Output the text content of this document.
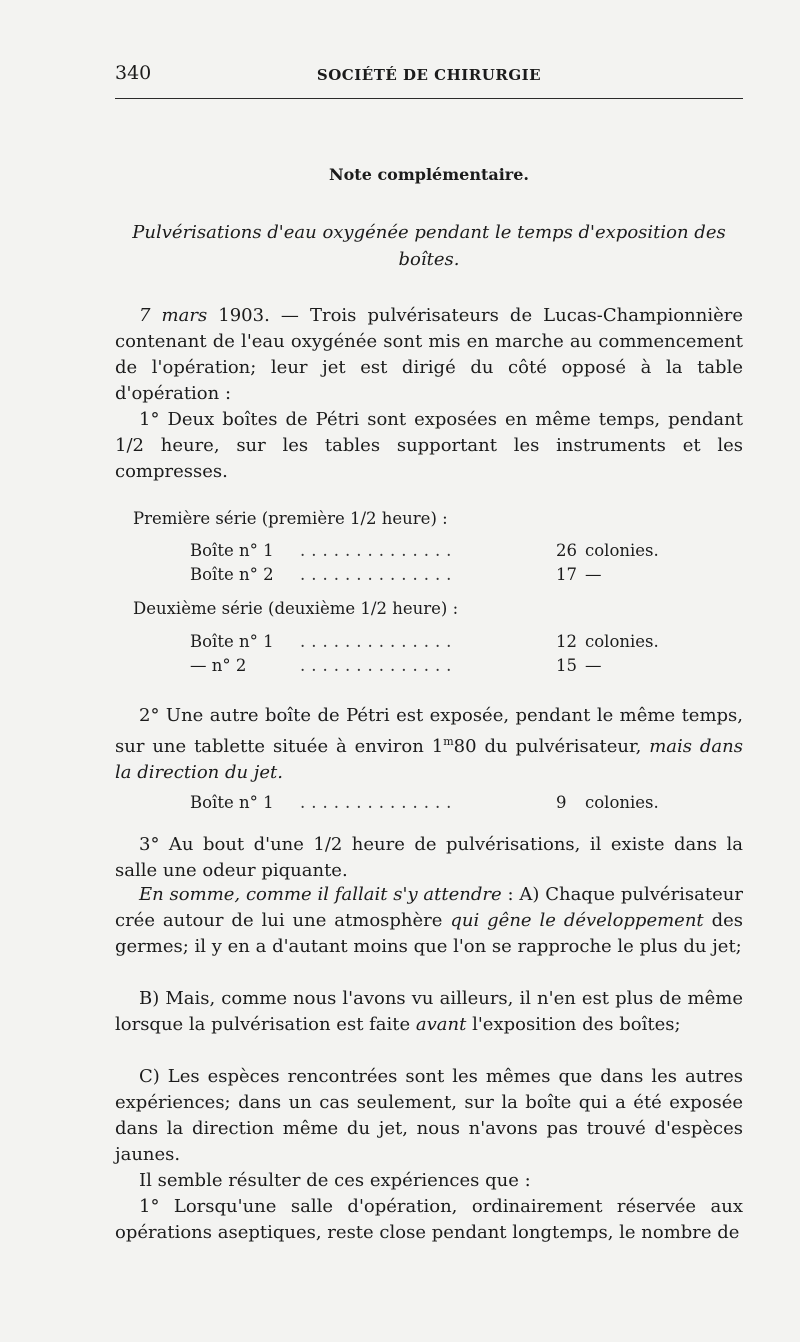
340	SOCIÉTÉ DE CHIRURGIE
Note complémentaire.
Pulvérisations d'eau oxygénée pendant le temps d'exposition des boîtes.

7 mars 1903. — Trois pulvérisateurs de Lucas-Championnière contenant de l'eau oxygénée sont mis en marche au commencement de l'opération; leur jet est dirigé du côté opposé à la table d'opération :

1° Deux boîtes de Pétri sont exposées en même temps, pendant 1/2 heure, sur les tables supportant les instruments et les compresses.

Première série (première 1/2 heure) :
Boîte n° 1 ..............	26 colonies.
Boîte n° 2 ..............	17 —
Deuxième série (deuxième 1/2 heure) :
Boîte n° 1 ..............	12 colonies.
— n° 2	..............	15 —

2° Une autre boîte de Pétri est exposée, pendant le même temps, sur une tablette située à environ 1$^m$80 du pulvérisateur, mais dans la direction du jet.

Boîte n° 1 ..............	9 colonies.

3° Au bout d'une 1/2 heure de pulvérisations, il existe dans la salle une odeur piquante.

En somme, comme il fallait s'y attendre : A) Chaque pulvérisateur crée autour de lui une atmosphère qui gêne le développement des germes; il y en a d'autant moins que l'on se rapproche le plus du jet;

B) Mais, comme nous l'avons vu ailleurs, il n'en est plus de même lorsque la pulvérisation est faite avant l'exposition des boîtes;

C) Les espèces rencontrées sont les mêmes que dans les autres expériences; dans un cas seulement, sur la boîte qui a été exposée dans la direction même du jet, nous n'avons pas trouvé d'espèces jaunes.

Il semble résulter de ces expériences que :

1° Lorsqu'une salle d'opération, ordinairement réservée aux opérations aseptiques, reste close pendant longtemps, le nombre de
